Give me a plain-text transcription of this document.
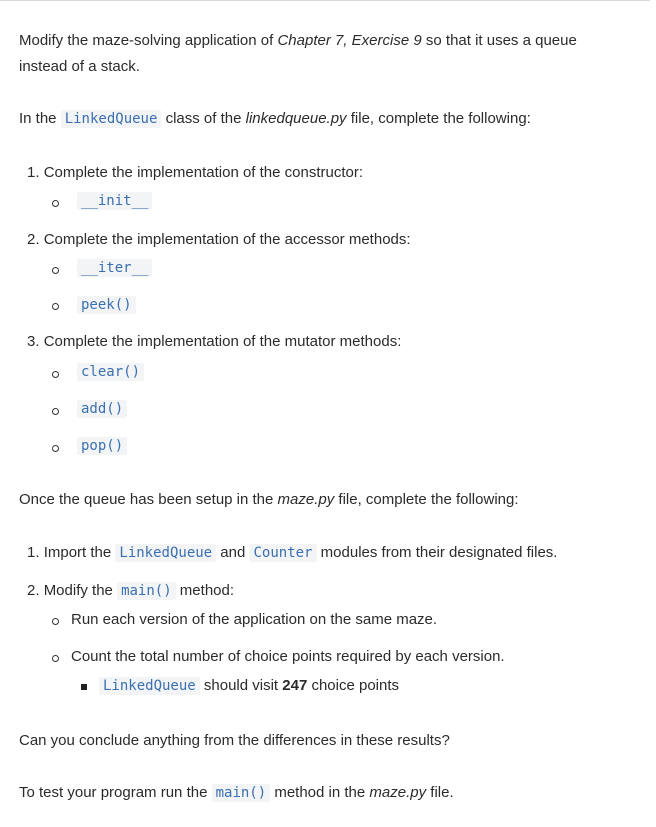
Modify the maze-solving application of Chapter 7, Exercise 9 so that it uses a queue

instead of a stack.

In the LinkedQueue class of the linkedqueue.py file, complete the following:

1. Complete the implementation of the constructor:
__init__
2. Complete the implementation of the accessor methods:
__iter__
peek()
3. Complete the implementation of the mutator methods:
clear()
add()
pop()

Once the queue has been setup in the maze.py file, complete the following:

1. Import the LinkedQueue and Counter modules from their designated files.
2. Modify the main() method:
Run each version of the application on the same maze.
Count the total number of choice points required by each version.
LinkedQueue should visit 247 choice points

Can you conclude anything from the differences in these results?

To test your program run the main() method in the maze.py file.
